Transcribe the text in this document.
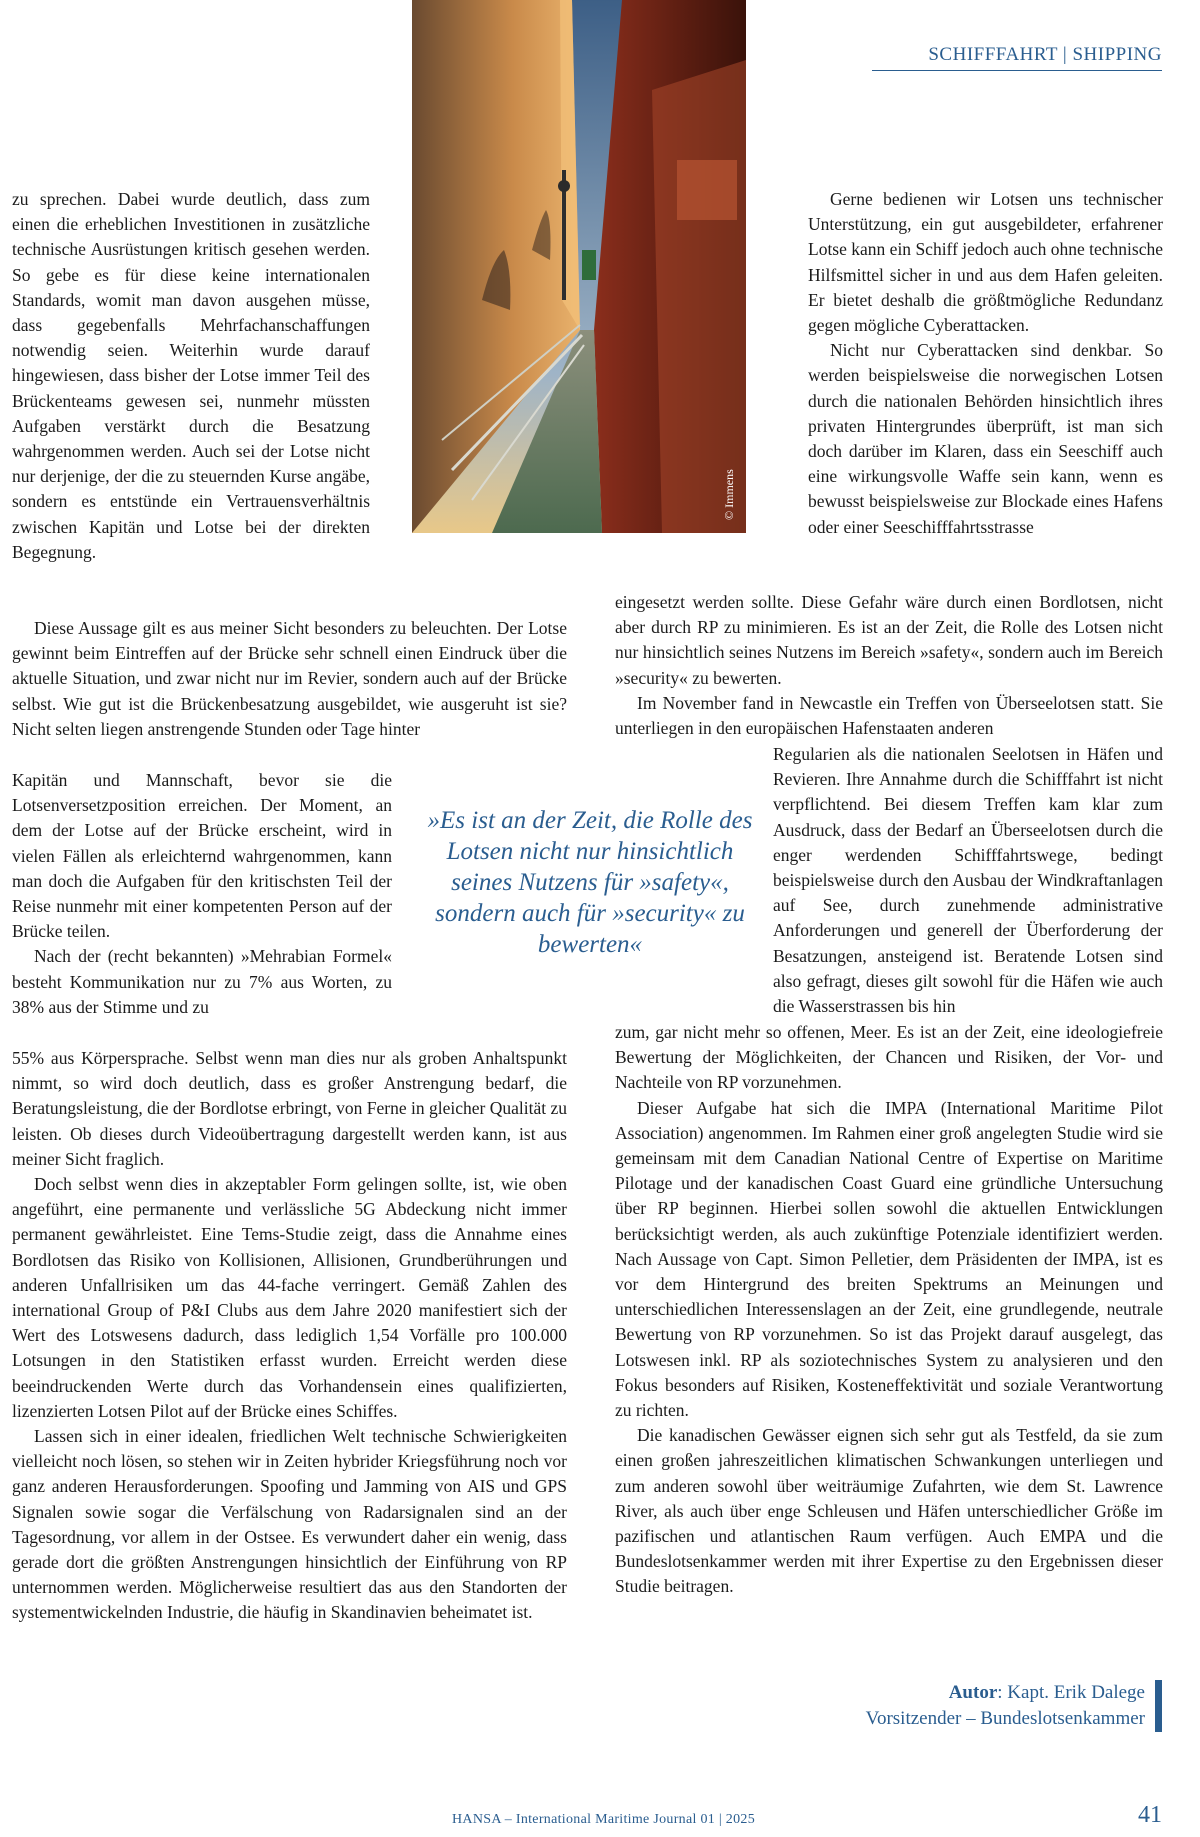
SCHIFFFAHRT | SHIPPING
© Immens

zu sprechen. Dabei wurde deutlich, dass zum einen die erheblichen Investitionen in zusätzliche technische Ausrüstungen kritisch gesehen werden. So gebe es für diese keine internationalen Standards, womit man davon ausgehen müsse, dass gegebenfalls Mehrfachanschaffungen notwendig seien. Weiterhin wurde darauf hingewiesen, dass bisher der Lotse immer Teil des Brückenteams gewesen sei, nunmehr müssten Aufgaben verstärkt durch die Besatzung wahrgenommen werden. Auch sei der Lotse nicht nur derjenige, der die zu steuernden Kurse angäbe, sondern es entstünde ein Vertrauensverhältnis zwischen Kapitän und Lotse bei der direkten Begegnung.

Diese Aussage gilt es aus meiner Sicht besonders zu beleuchten. Der Lotse gewinnt beim Eintreffen auf der Brücke sehr schnell einen Eindruck über die aktuelle Situation, und zwar nicht nur im Revier, sondern auch auf der Brücke selbst. Wie gut ist die Brückenbesatzung ausgebildet, wie ausgeruht ist sie? Nicht selten liegen anstrengende Stunden oder Tage hinter

Kapitän und Mannschaft, bevor sie die Lotsenversetzposition erreichen. Der Moment, an dem der Lotse auf der Brücke erscheint, wird in vielen Fällen als erleichternd wahrgenommen, kann man doch die Aufgaben für den kritischsten Teil der Reise nunmehr mit einer kompetenten Person auf der Brücke teilen.

Nach der (recht bekannten) »Mehrabian Formel« besteht Kommunikation nur zu 7% aus Worten, zu 38% aus der Stimme und zu

55% aus Körpersprache. Selbst wenn man dies nur als groben Anhaltspunkt nimmt, so wird doch deutlich, dass es großer Anstrengung bedarf, die Beratungsleistung, die der Bordlotse erbringt, von Ferne in gleicher Qualität zu leisten. Ob dieses durch Videoübertragung dargestellt werden kann, ist aus meiner Sicht fraglich.

Doch selbst wenn dies in akzeptabler Form gelingen sollte, ist, wie oben angeführt, eine permanente und verlässliche 5G Abdeckung nicht immer permanent gewährleistet. Eine Tems-Studie zeigt, dass die Annahme eines Bordlotsen das Risiko von Kollisionen, Allisionen, Grundberührungen und anderen Unfallrisiken um das 44-fache verringert. Gemäß Zahlen des international Group of P&I Clubs aus dem Jahre 2020 manifestiert sich der Wert des Lotswesens dadurch, dass lediglich 1,54 Vorfälle pro 100.000 Lotsungen in den Statistiken erfasst wurden. Erreicht werden diese beeindruckenden Werte durch das Vorhandensein eines qualifizierten, lizenzierten Lotsen Pilot auf der Brücke eines Schiffes.

Lassen sich in einer idealen, friedlichen Welt technische Schwierigkeiten vielleicht noch lösen, so stehen wir in Zeiten hybrider Kriegsführung noch vor ganz anderen Herausforderungen. Spoofing und Jamming von AIS und GPS Signalen sowie sogar die Verfälschung von Radarsignalen sind an der Tagesordnung, vor allem in der Ostsee. Es verwundert daher ein wenig, dass gerade dort die größten Anstrengungen hinsichtlich der Einführung von RP unternommen werden. Möglicherweise resultiert das aus den Standorten der systementwickelnden Industrie, die häufig in Skandinavien beheimatet ist.

»Es ist an der Zeit, die Rolle des Lotsen nicht nur hinsichtlich seines Nutzens für »safety«, sondern auch für »security« zu bewerten«

Gerne bedienen wir Lotsen uns technischer Unterstützung, ein gut ausgebildeter, erfahrener Lotse kann ein Schiff jedoch auch ohne technische Hilfsmittel sicher in und aus dem Hafen geleiten. Er bietet deshalb die größtmögliche Redundanz gegen mögliche Cyberattacken.

Nicht nur Cyberattacken sind denkbar. So werden beispielsweise die norwegischen Lotsen durch die nationalen Behörden hinsichtlich ihres privaten Hintergrundes überprüft, ist man sich doch darüber im Klaren, dass ein Seeschiff auch eine wirkungsvolle Waffe sein kann, wenn es bewusst beispielsweise zur Blockade eines Hafens oder einer Seeschifffahrtsstrasse

eingesetzt werden sollte. Diese Gefahr wäre durch einen Bordlotsen, nicht aber durch RP zu minimieren. Es ist an der Zeit, die Rolle des Lotsen nicht nur hinsichtlich seines Nutzens im Bereich »safety«, sondern auch im Bereich »security« zu bewerten.

Im November fand in Newcastle ein Treffen von Überseelotsen statt. Sie unterliegen in den europäischen Hafenstaaten anderen

Regularien als die nationalen Seelotsen in Häfen und Revieren. Ihre Annahme durch die Schifffahrt ist nicht verpflichtend. Bei diesem Treffen kam klar zum Ausdruck, dass der Bedarf an Überseelotsen durch die enger werdenden Schifffahrtswege, bedingt beispielsweise durch den Ausbau der Windkraftanlagen auf See, durch zunehmende administrative Anforderungen und generell der Überforderung der Besatzungen, ansteigend ist. Beratende Lotsen sind also gefragt, dieses gilt sowohl für die Häfen wie auch die Wasserstrassen bis hin

zum, gar nicht mehr so offenen, Meer. Es ist an der Zeit, eine ideologiefreie Bewertung der Möglichkeiten, der Chancen und Risiken, der Vor- und Nachteile von RP vorzunehmen.

Dieser Aufgabe hat sich die IMPA (International Maritime Pilot Association) angenommen. Im Rahmen einer groß angelegten Studie wird sie gemeinsam mit dem Canadian National Centre of Expertise on Maritime Pilotage und der kanadischen Coast Guard eine gründliche Untersuchung über RP beginnen. Hierbei sollen sowohl die aktuellen Entwicklungen berücksichtigt werden, als auch zukünftige Potenziale identifiziert werden. Nach Aussage von Capt. Simon Pelletier, dem Präsidenten der IMPA, ist es vor dem Hintergrund des breiten Spektrums an Meinungen und unterschiedlichen Interessenslagen an der Zeit, eine grundlegende, neutrale Bewertung von RP vorzunehmen. So ist das Projekt darauf ausgelegt, das Lotswesen inkl. RP als soziotechnisches System zu analysieren und den Fokus besonders auf Risiken, Kosteneffektivität und soziale Verantwortung zu richten.

Die kanadischen Gewässer eignen sich sehr gut als Testfeld, da sie zum einen großen jahreszeitlichen klimatischen Schwankungen unterliegen und zum anderen sowohl über weiträumige Zufahrten, wie dem St. Lawrence River, als auch über enge Schleusen und Häfen unterschiedlicher Größe im pazifischen und atlantischen Raum verfügen. Auch EMPA und die Bundeslotsenkammer werden mit ihrer Expertise zu den Ergebnissen dieser Studie beitragen.

Autor: Kapt. Erik Dalege
Vorsitzender – Bundeslotsenkammer
HANSA – International Maritime Journal 01 | 2025	41
